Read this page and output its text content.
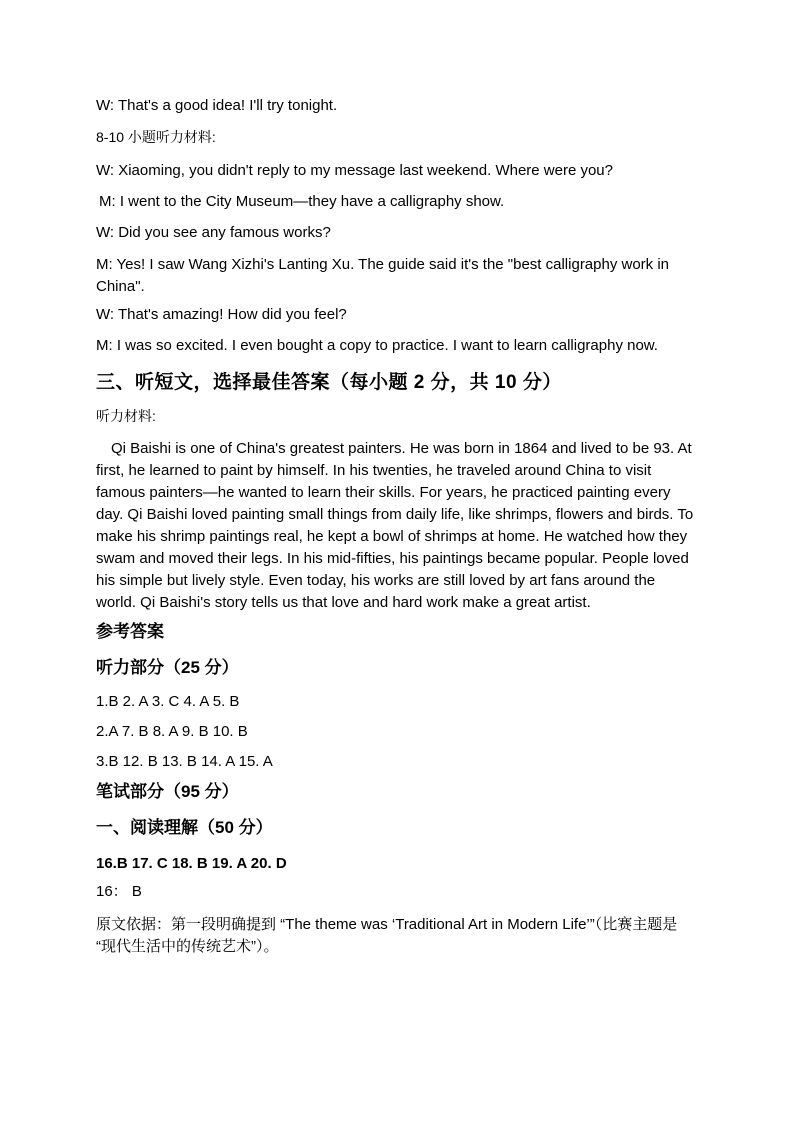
W: That's a good idea! I'll try tonight.

8-10 小题听力材料:

W: Xiaoming, you didn't reply to my message last weekend. Where were you?

M: I went to the City Museum—they have a calligraphy show.

W: Did you see any famous works?

M: Yes! I saw Wang Xizhi's Lanting Xu. The guide said it's the "best calligraphy work in China".

W: That's amazing! How did you feel?

M: I was so excited. I even bought a copy to practice. I want to learn calligraphy now.

三、听短文，选择最佳答案（每小题 2 分，共 10 分）

听力材料:

Qi Baishi is one of China's greatest painters. He was born in 1864 and lived to be 93. At first, he learned to paint by himself. In his twenties, he traveled around China to visit famous painters—he wanted to learn their skills. For years, he practiced painting every day. Qi Baishi loved painting small things from daily life, like shrimps, flowers and birds. To make his shrimp paintings real, he kept a bowl of shrimps at home. He watched how they swam and moved their legs. In his mid-fifties, his paintings became popular. People loved his simple but lively style. Even today, his works are still loved by art fans around the world. Qi Baishi's story tells us that love and hard work make a great artist.

参考答案
听力部分（25 分）

1.B 2. A 3. C 4. A 5. B

2.A 7. B 8. A 9. B 10. B

3.B 12. B 13. B 14. A 15. A

笔试部分（95 分）
一、阅读理解（50 分）

16.B 17. C 18. B 19. A 20. D

16： B

原文依据：第一段明确提到 “The theme was ‘Traditional Art in Modern Life’”（比赛主题是 “现代生活中的传统艺术”）。
